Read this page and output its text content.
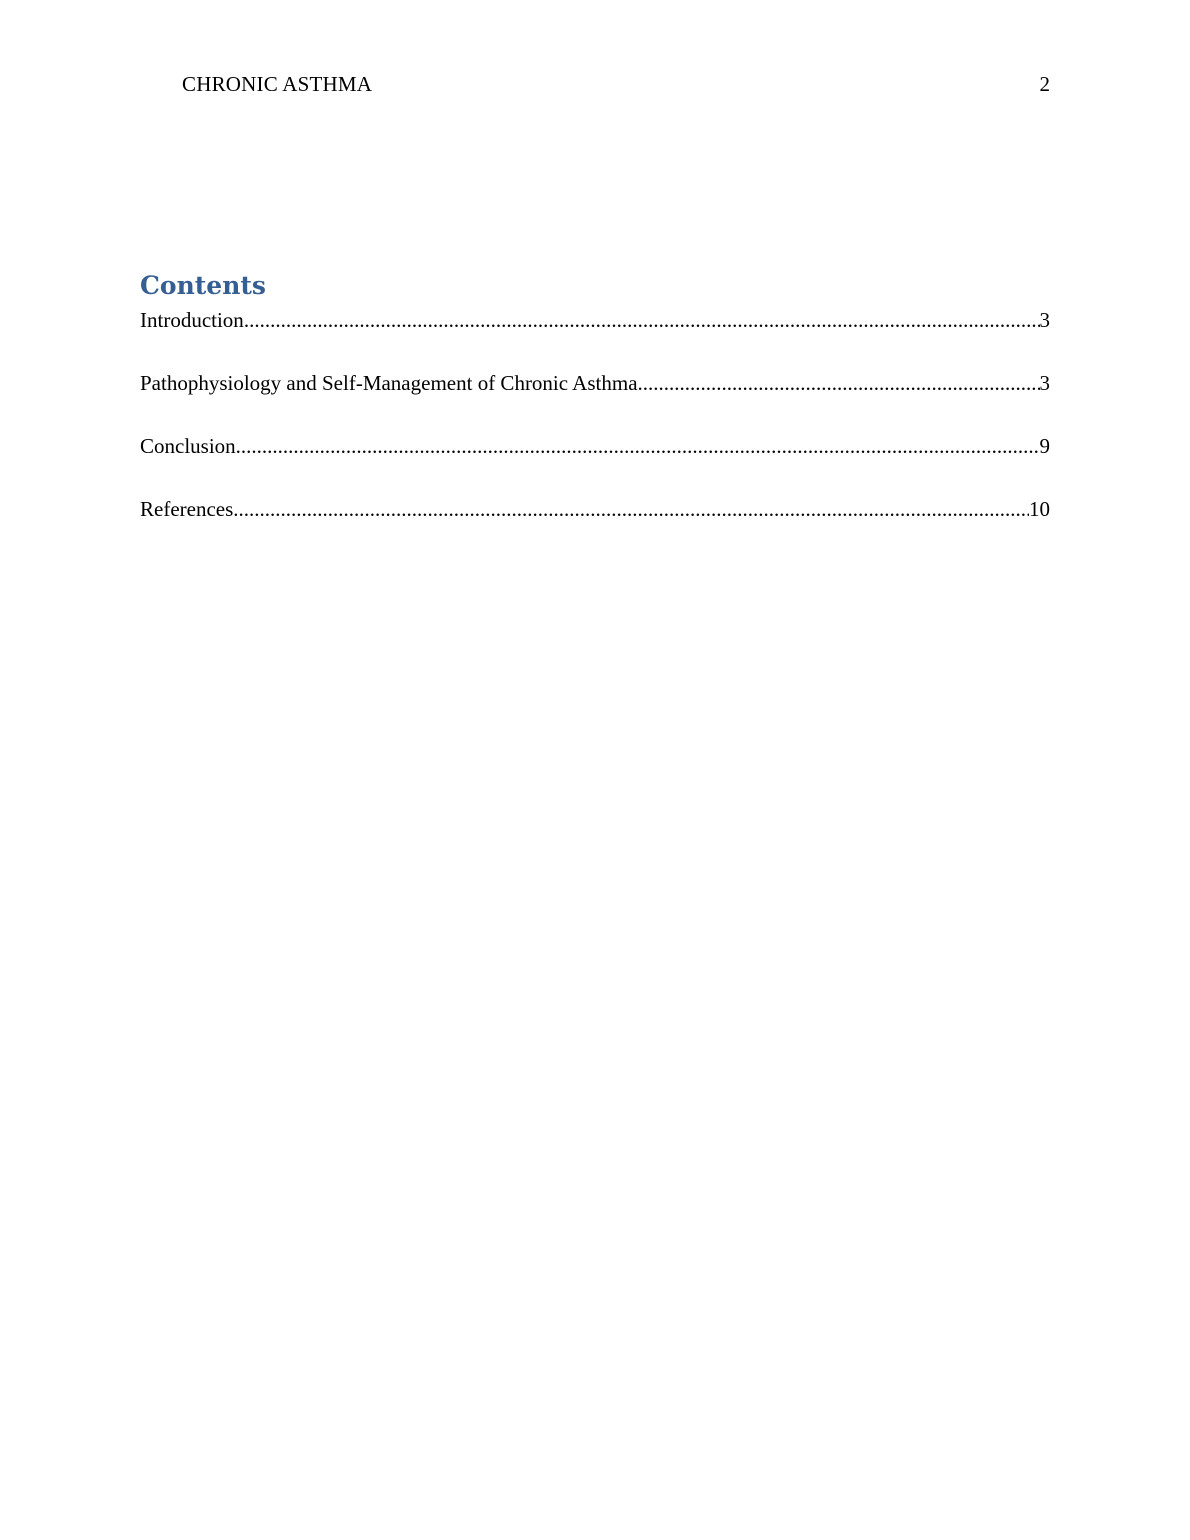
CHRONIC ASTHMA	2
Contents
Introduction .....	3
Pathophysiology and Self-Management of Chronic Asthma .....	3
Conclusion .....	9
References .....	10
